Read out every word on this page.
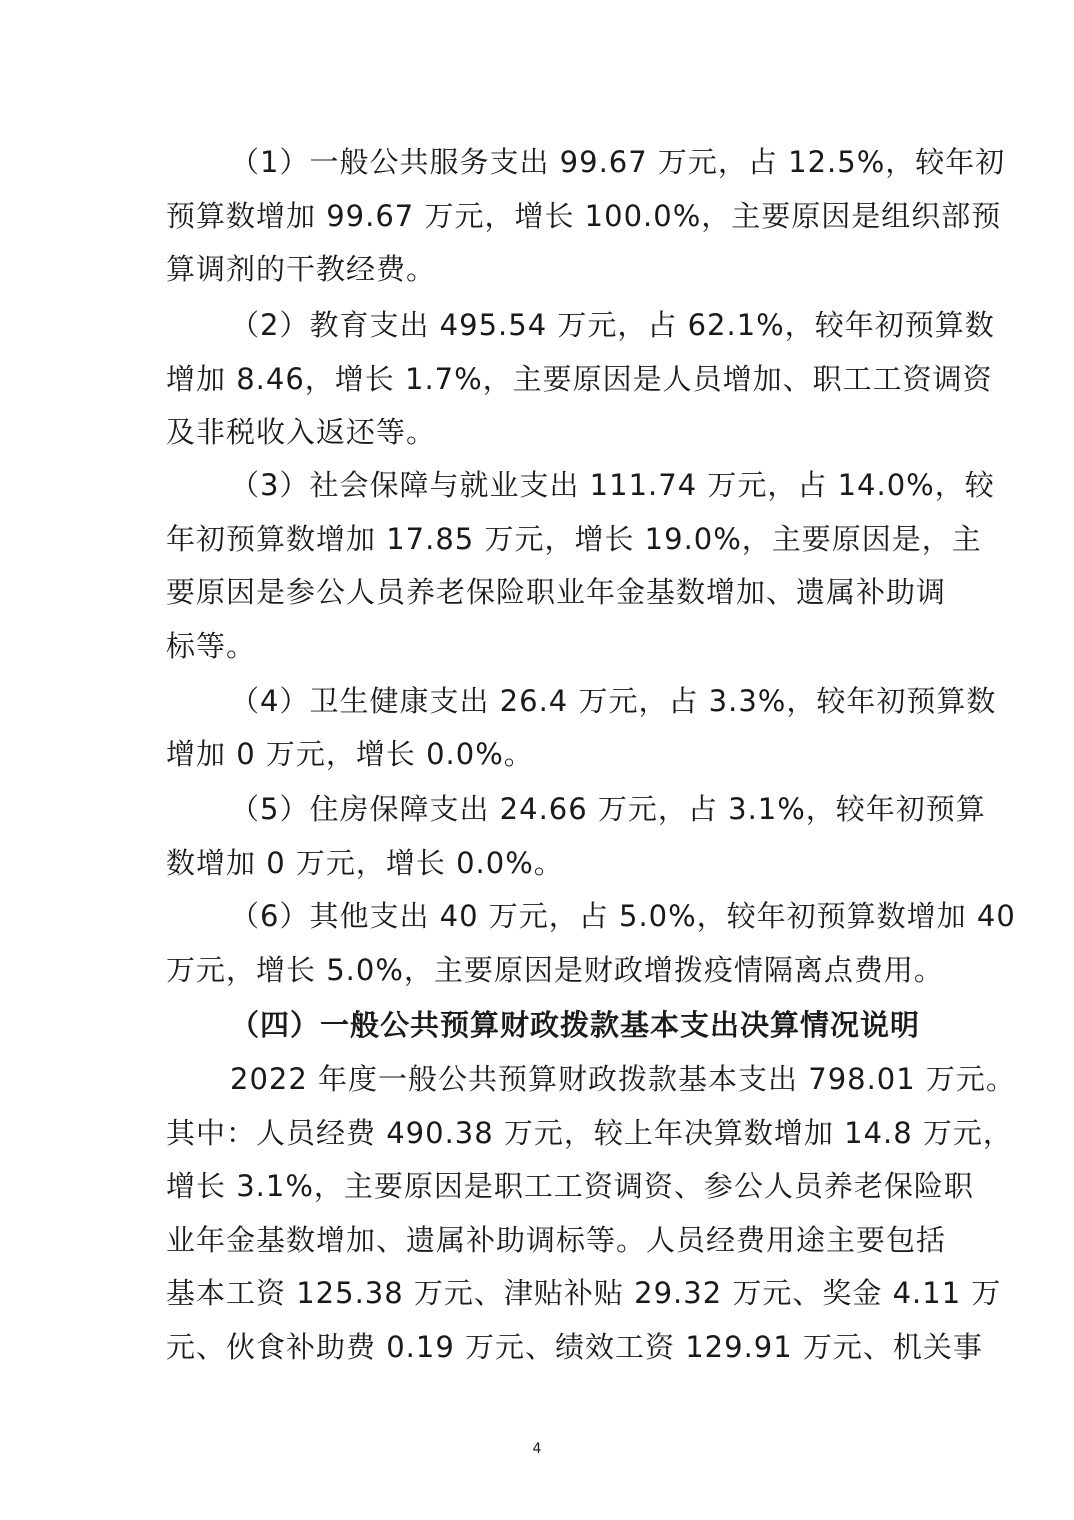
（1）一般公共服务支出 99.67 万元，占 12.5%，较年初
预算数增加 99.67 万元，增长 100.0%，主要原因是组织部预
算调剂的干教经费。
（2）教育支出 495.54 万元，占 62.1%，较年初预算数
增加 8.46，增长 1.7%，主要原因是人员增加、职工工资调资
及非税收入返还等。
（3）社会保障与就业支出 111.74 万元，占 14.0%，较
年初预算数增加 17.85 万元，增长 19.0%，主要原因是，主
要原因是参公人员养老保险职业年金基数增加、遗属补助调
标等。
（4）卫生健康支出 26.4 万元，占 3.3%，较年初预算数
增加 0 万元，增长 0.0%。
（5）住房保障支出 24.66 万元，占 3.1%，较年初预算
数增加 0 万元，增长 0.0%。
（6）其他支出 40 万元，占 5.0%，较年初预算数增加 40
万元，增长 5.0%，主要原因是财政增拨疫情隔离点费用。
（四）一般公共预算财政拨款基本支出决算情况说明
2022 年度一般公共预算财政拨款基本支出 798.01 万元。
其中：人员经费 490.38 万元，较上年决算数增加 14.8 万元，
增长 3.1%，主要原因是职工工资调资、参公人员养老保险职
业年金基数增加、遗属补助调标等。人员经费用途主要包括
基本工资 125.38 万元、津贴补贴 29.32 万元、奖金 4.11 万
元、伙食补助费 0.19 万元、绩效工资 129.91 万元、机关事
4
